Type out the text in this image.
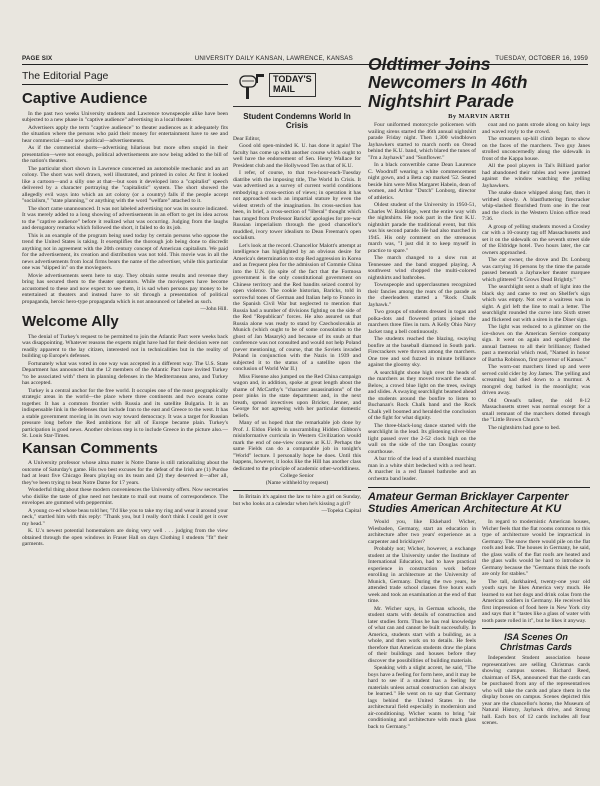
PAGE SIX	UNIVERSITY DAILY KANSAN, LAWRENCE, KANSAS	TUESDAY, OCTOBER 16, 1959
The Editorial Page
Captive Audience

In the past two weeks University students and Lawrence townspeople alike have been subjected to a new phase in "captive audience" advertising in a local theater.

Advertisers apply the term "captive audience" to theater audiences as it adequately fits the situation where the persons who paid their money for entertainment have to see and hear commercial—and now political—advertisements.

As if the commercial shorts—advertising hilarious but more often stupid in their presentation—were not enough, political advertisements are now being added to the bill of the nation's theaters.

The particular short shown in Lawrence concerned an automobile mechanic and an art colony. The short was well drawn, well illustrated, and printed in color. At first it looked like a cartoon—and a silly one at that—but soon it developed into a "capitalist" speech delivered by a character portraying the "capitalistic" system. The short showed the allegedly evil ways into which an art colony (or a country) falls if the people accept "socialism," "state planning," or anything with the word "welfare" attached to it.

The short came unannounced. It was not labeled advertising nor was its source indicated. It was merely added to a long showing of advertisements in an effort to get its idea across to the "captive audience" before it realized what was occurring. Judging from the laughs and derogatory remarks which followed the short, it failed to do its job.

This is an example of the program being used today by certain persons who oppose the trend the United States is taking. It exemplifies the thorough job being done to discredit anything not in agreement with the 20th century concept of American capitalism. We paid for the advertisement, its creation and distribution was not told. This movie was in all the news advertisements from local firms bears the name of the advertiser, while this particular one was "slipped in" on the moviegoers.

Movie advertisements seem here to stay. They obtain some results and revenue they bring has secured them to the theater operators. While the moviegoers have become accustomed to these and now expect to see them, it is sad when persons pay money to be entertained at theaters and instead have to sit through a presentation of political propaganda, heroic hero-type propaganda which is not announced or labeled as such.

—John Hill.

Welcome Ally

The denial of Turkey's request to be permitted to join the Atlantic Pact were weeks back was disappointing. Whatever reasons the experts might have had for their decision were not readily apparent to the lay citizen, interested not in technicalities but in the reality of building up Europe's defenses.

Fortunately what was voted in one way was accepted in a different way. The U.S. State Department has announced that the 12 members of the Atlantic Pact have invited Turkey "to be associated with" them in planning defenses in the Mediterranean area, and Turkey has accepted.

Turkey is a central anchor for the free world. It occupies one of the most geographically strategic areas in the world—the place where three continents and two oceans come together. It has a common frontier with Russia and its satellite Bulgaria. It is an indispensable link in the defenses that include Iran to the east and Greece to the west. It has a stable government moving in its own way toward democracy. It was a target for Russian pressure long before the Red ambitions for all of Europe became plain. Turkey's participation is good news. Another obvious step is to include Greece in the picture also.—St. Louis Star-Times.

Kansan Comments

A University professor whose alma mater is Notre Dame is still rationalizing about the outcome of Saturday's game. His two best excuses for the defeat of the Irish are (1) Purdue had at least five Chicago Bears playing on its team and (2) they deserved it—after all, they've been trying to beat Notre Dame for 17 years.

Wonderful thing about these modern conveniences the University offers. Now secretaries who dislike the taste of glue need not hesitate to mail out reams of correspondence. The envelopes are gummed with peppermint.

A young co-ed whose beau told her, "I'd like you to take my ring and wear it around your neck," startled him with this reply: "Thank you, but I really don't think I could get it over my head."

K. U.'s newest potential homemakers are doing very well . . . judging from the view obtained through the open windows in Fraser Hall on days Clothing I students "fit" their garments.

TODAY'S
MAIL
Student Condemns World In Crisis

Dear Editor,

Good old open-minded K. U. has done it again! The faculty has come up with another course which ought to well have the endorsement of Sen. Henry Wallace for President club and the Hollywood Ten as that of K.U.

I refer, of course, to that two-hour-each-Tuesday diatribe with the imposing title, The World In Crisis. It was advertised as a survey of current world conditions embodying a cross-section of views; in operation it has not approached such an impartial stature by even the widest stretch of the imagination. Its cross-section has been, in brief, a cross-section of "liberal" thought which has ranged from Professor Baricks' apologies for pre-war Russian imperialism through the good chancellor's muddled, ivory tower idealism to Dean Freeman's open socialism.

Let's look at the record. Chancellor Malott's attempt at intelligence has highlighted by an obvious desire for America's determination to stop Red aggression in Korea and as frequent plea for the admission of Commie China into the U.N. (in spite of the fact that the Formosa government is the only constitutional government on Chinese territory and the Red bandits seized control by open violence. The cookie historian, Baricks, told in sorrowful tones of German and Italian help to Franco in the Spanish Civil War but neglected to mention that Russia had a number of divisions fighting on the side of the Red "Republican" forces. He also assured us that Russia alone was ready to stand by Czechoslovakia at Munich (which ought to be of some consolation to the ghost of Jan Masaryk) and because of its snub at that conference was not consulted and would not help Poland (never mentioning, of course, that the Soviets invaded Poland in conjunction with the Nazis in 1939 and subjected it to the status of a satellite upon the conclusion of World War II.)

Miss Fisenne also jumped on the Red China campaign wagon and, in addition, spoke at great length about the shame of McCarthy's "character assassinations" of the poor pinks in the state department and, in the next breath, spread invectives upon Bricker, Jenner, and George for not agreeing with her particular domestic beliefs.

Many of us hoped that the remarkable job done by Prof. J. Eldon Fields in unscrambling Hidden Gibbon's misinformative curricula in Western Civilization would mark the end of one-view courses at K.U. Perhaps the same Fields can do a comparable job in tonight's "World" lecture. I personally hope he does. Until this happens, however, it looks like the Hill has another class dedicated to the principle of academic other-worldliness.

College Senior

(Name withheld by request)

In Britain it's against the law to hire a girl on Sunday, but who looks at a calendar when he's kissing a girl?

—Topeka Capital

Oldtimer Joins Newcomers In 46th Nightshirt Parade
By MARVIN ARTH

Four uniformed motorcycle policemen with wailing sirens started the 46th annual nightshirt parade Friday night. Then 1,300 windblown Jayhawkers started to march north on Oread behind the K.U. band, which blared the tunes of "I'm a Jayhawk" and "Sunflower."

In a black convertible came Dean Laurence C. Woodruff wearing a white commencement night gown, and a Beta cap marked '52. Seated beside him were Miss Margaret Habein, dean of women, and Arthur "Dutch" Lonborg, director of athletics.

Oldest student of the University in 1950-51, Charles W. Baldridge, went the entire way with the nightshirts. He took part in the first K.U. nightshirt parade the traditional event, but this was his second parade. He had also marched in 1945. His only comment on the strenuous march was, "I just did it to keep myself in practice to spare."

The march changed to a slow run at Tennessee and the band stopped playing. A southwest wind chopped the multi-colored nightshirts and bathrobes.

Townspeople and upperclassmen recognized their fancies among the rears of the parade as the cheerleaders started a "Rock Chalk Jayhawk."

Two groups of students dressed in togas and polka-dots and flowered prints joined the marchers three files in turn. A Kelly Ohio Navy Jacket rang a bell continuously.

The students reached the blazing, swaying bonfire at the baseball diamond in South park. Firecrackers were thrown among the marchers. One tree and sod fuzzed in minute brilliance against the gloomy sky.

A searchlight shone high over the heads of the marchers as they moved toward the stand. Below, a crowd blue light on the trees, swings and slides. A swaying searchlight beamed ahead the students around the bonfire to listen to Buchanan's Rock Chalk band and the Rock Chalk yell boomed and heralded the conclusion of the fight for what dignity.

The three-black-long dance started with the searchlight in the lead. Its glistening silver-blue light passed over the 2-52 clock high on the wall on the side of the tan Douglas county courthouse.

A bar trio of the lead of a stumbled marching man in a white shirt bedecked with a red heart. A marcher in a red flannel bathrobe and an orchestra band leader.

coat and no pants strode along on hairy legs and waved royly to the crowd.

The streamers up-hill climb began to show on the faces of the marchers. Two guy Janes strolled unconcernedly along the sidewalk in front of the Kappa house.

All the pool players in Tai's Billiard parlor had abandoned their tables and were jammed against the window watching the yelling Jayhawkers.

The snake dance whipped along fast, then it writhed slowly. A blastfluttering firecracker whip-slashed flourished from one in the rear and the clock in the Western Union office read 7:36.

A group of yelling students moved a Crosley car with a 10-county tag off Massachusetts and set it on the sidewalk on the seventh street side of the Eldridge hotel. Two hours later, the car owners approached.

The car owner, the drove and Dr. Lonborg was carrying 16 persons by the time the parade passed beneath a Jayhawker theater marquee which glittered "It Grows Dead Brightly."

The searchlight sent a shaft of light into the black sky and came to rest on Shelfer's sign which was empty. Not over a waitress was in sight. A girl left the line to mail a letter. The searchlight rounded the curve into Sixth street and flickered out with a siren in the Diner sign.

The light was reduced to a glimmer on the ice-shows on the American Service company sign. It went on again and spotlighted the annual fastness to all their brilliance; flashed past a memorial which read, "Named in honor of Bartha Robinson, first governor of Kansas."

The worn-out marchers lined up and were served cold cider by Joy James. The yelling and screaming had died down to a murmur. A mongrel dog barked in the moonlight; was driven away.

Old Oread's tallest, the old 8-12 Massachusetts street was normal except for a small remnant of the marchers dotted through the "Little Brown Church."

The nightshirts had gone to bed.

Amateur German Bricklayer Carpenter Studies American Architecture At KU

Would you, like Ekkehard Wicher, Wiesbaden, Germany, start an education in architecture after two years' experience as a carpenter and bricklayer?

Probably not; Wicher, however, a exchange student at the University under the Institute of International Education, had to have practical experience in construction work before enrolling in architecture at the University of Munich, Germany. During the two years, he attended trade school classes five hours each week and took an examination at the end of that time.

Mr. Wicher says, in German schools, the student starts with details of construction and later studies form. Thus he has real knowledge of what can and cannot be built successfully. In America, students start with a building, as a whole, and then work on to details. He feels therefore that American students draw the plans of their buildings and houses before they discover the possibilities of building materials.

Speaking with a slight accent, he said, "The boys have a feeling for form here, and it may be hard to see if a student has a feeling for materials unless actual construction can always be learned." He went on to say that Germany lags behind the United States in the architectural field especially in modernism and air-conditioning. Wicher wants to bring "air conditioning and architecture with much glass back to Germany."

In regard to modernistic American houses, Wicher feels that the flat rooms common to this type of architecture would be impractical in Germany. The snow there would pile on the flat roofs and leak. The houses in Germany, he said, the glass walls of the flat roofs are heated and the glass walls would be hard to introduce in Germany because the "Germans think the roofs are only for stables."

The tall, darkhaired, twenty-one year old youth says he likes America very much. He learned to eat hot dogs and drink colas from the American soldiers in Germany. He received his first impression of food here in New York city and says that it "tastes like a glass of water with tooth paste rolled in it", but he likes it anyway.

ISA Scenes On Christmas Cards

Independent Student association house representatives are selling Christmas cards showing campus scenes. Richard Reed, chairman of ISA, announced that the cards can be purchased from any of the representatives who will take the cards and place them in the display boxes on campus. Scenes depicted this year are the chancellor's home, the Museum of Natural History, Jayhawk drive, and Strong hall. Each box of 12 cards includes all four scenes.
